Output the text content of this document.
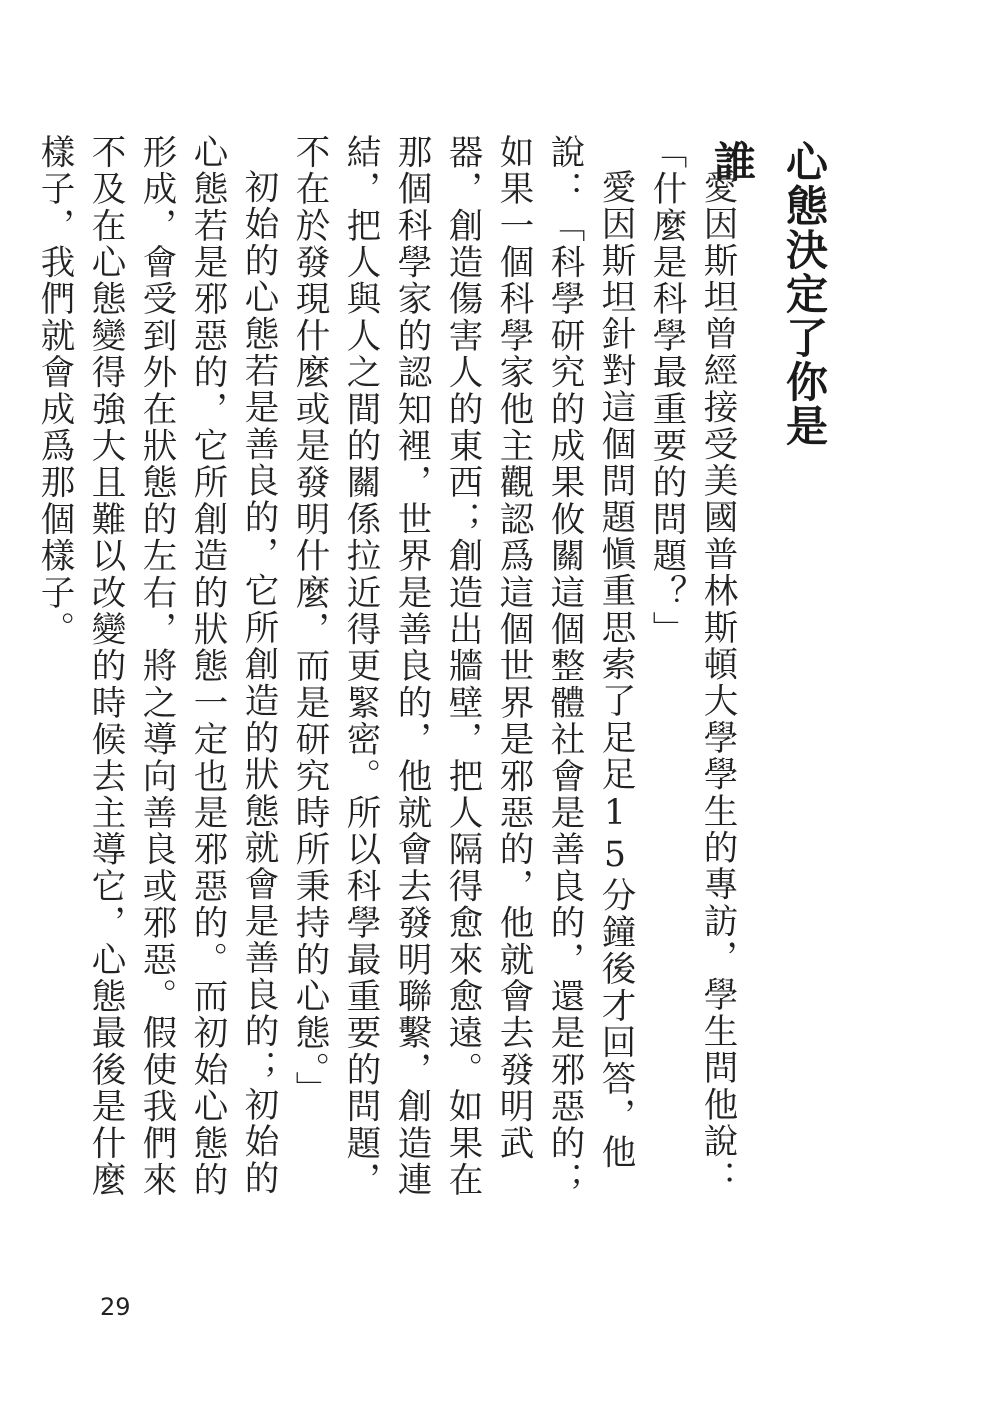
心態決定了你是誰

愛因斯坦曾經接受美國普林斯頓大學學生的專訪，學生問他說：「什麼是科學最重要的問題？」

愛因斯坦針對這個問題愼重思索了足足15分鐘後才回答，他說：「科學研究的成果攸關這個整體社會是善良的，還是邪惡的；如果一個科學家他主觀認爲這個世界是邪惡的，他就會去發明武器，創造傷害人的東西；創造出牆壁，把人隔得愈來愈遠。如果在那個科學家的認知裡，世界是善良的，他就會去發明聯繫，創造連結，把人與人之間的關係拉近得更緊密。所以科學最重要的問題，不在於發現什麼或是發明什麼，而是研究時所秉持的心態。」

初始的心態若是善良的，它所創造的狀態就會是善良的；初始的心態若是邪惡的，它所創造的狀態一定也是邪惡的。而初始心態的形成，會受到外在狀態的左右，將之導向善良或邪惡。假使我們來不及在心態變得強大且難以改變的時候去主導它，心態最後是什麼樣子，我們就會成爲那個樣子。

29
